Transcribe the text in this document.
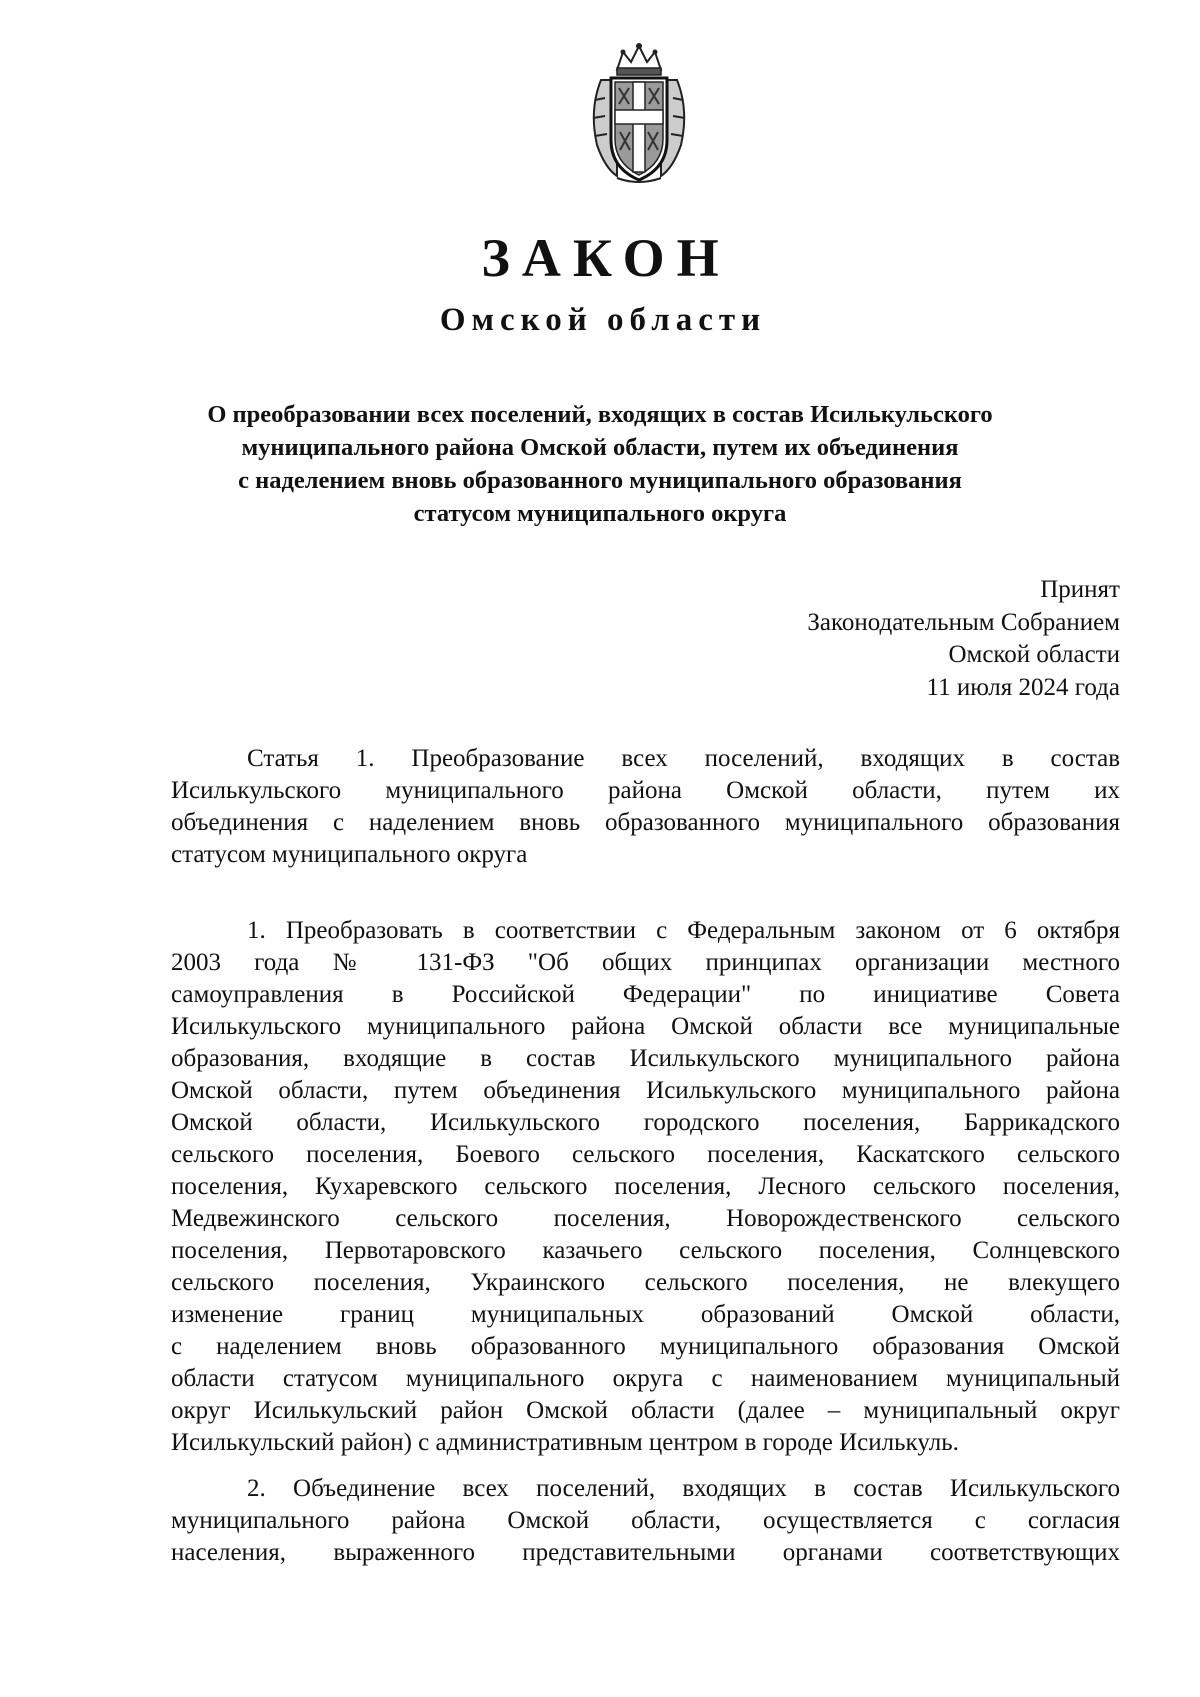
ЗАКОН
Омской области
О преобразовании всех поселений, входящих в состав Исилькульского
муниципального района Омской области, путем их объединения
с наделением вновь образованного муниципального образования
статусом муниципального округа
Принят
Законодательным Собранием
Омской области
11 июля 2024 года
Статья 1. Преобразование всех поселений, входящих в состав
Исилькульского муниципального района Омской области, путем их
объединения с наделением вновь образованного муниципального образования
статусом муниципального округа
1. Преобразовать в соответствии с Федеральным законом от 6 октября
2003 года № 131-ФЗ "Об общих принципах организации местного
самоуправления в Российской Федерации" по инициативе Совета
Исилькульского муниципального района Омской области все муниципальные
образования, входящие в состав Исилькульского муниципального района
Омской области, путем объединения Исилькульского муниципального района
Омской области, Исилькульского городского поселения, Баррикадского
сельского поселения, Боевого сельского поселения, Каскатского сельского
поселения, Кухаревского сельского поселения, Лесного сельского поселения,
Медвежинского сельского поселения, Новорождественского сельского
поселения, Первотаровского казачьего сельского поселения, Солнцевского
сельского поселения, Украинского сельского поселения, не влекущего
изменение границ муниципальных образований Омской области,
с наделением вновь образованного муниципального образования Омской
области статусом муниципального округа с наименованием муниципальный
округ Исилькульский район Омской области (далее – муниципальный округ
Исилькульский район) с административным центром в городе Исилькуль.
2. Объединение всех поселений, входящих в состав Исилькульского
муниципального района Омской области, осуществляется с согласия
населения, выраженного представительными органами соответствующих
